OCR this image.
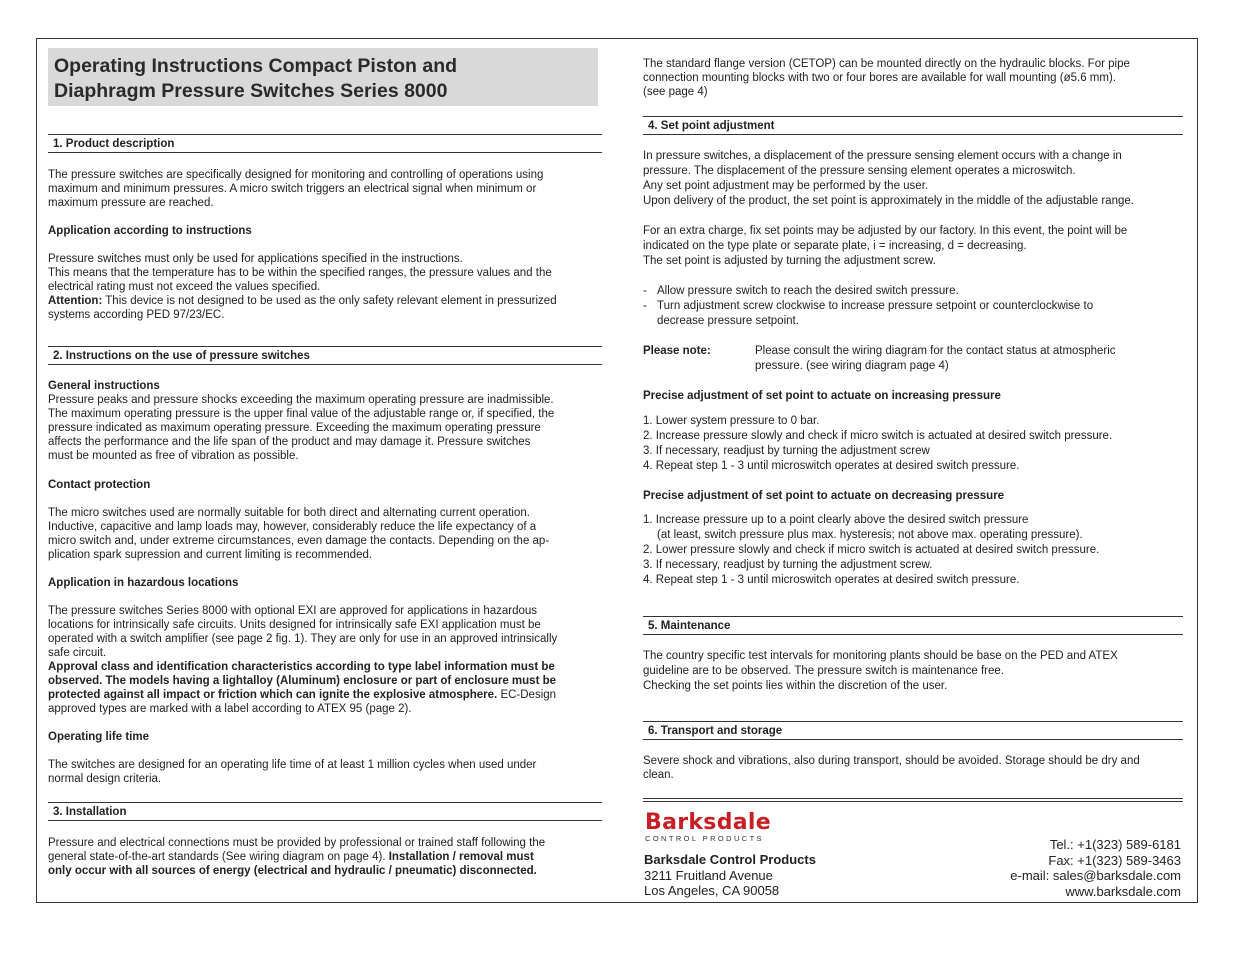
Operating Instructions Compact Piston and
Diaphragm Pressure Switches Series 8000
1. Product description

The pressure switches are specifically designed for monitoring and controlling of operations using

maximum and minimum pressures. A micro switch triggers an electrical signal when minimum or

maximum pressure are reached.

Application according to instructions

Pressure switches must only be used for applications specified in the instructions.

This means that the temperature has to be within the specified ranges, the pressure values and the

electrical rating must not exceed the values specified.

Attention: This device is not designed to be used as the only safety relevant element in pressurized

systems according PED 97/23/EC.

2. Instructions on the use of pressure switches

General instructions

Pressure peaks and pressure shocks exceeding the maximum operating pressure are inadmissible.

The maximum operating pressure is the upper final value of the adjustable range or, if specified, the

pressure indicated as maximum operating pressure. Exceeding the maximum operating pressure

affects the performance and the life span of the product and may damage it. Pressure switches

must be mounted as free of vibration as possible.

Contact protection

The micro switches used are normally suitable for both direct and alternating current operation.

Inductive, capacitive and lamp loads may, however, considerably reduce the life expectancy of a

micro switch and, under extreme circumstances, even damage the contacts. Depending on the ap-

plication spark supression and current limiting is recommended.

Application in hazardous locations

The pressure switches Series 8000 with optional EXI are approved for applications in hazardous

locations for intrinsically safe circuits. Units designed for intrinsically safe EXI application must be

operated with a switch amplifier (see page 2 fig. 1). They are only for use in an approved intrinsically

safe circuit.

Approval class and identification characteristics according to type label information must be

observed. The models having a lightalloy (Aluminum) enclosure or part of enclosure must be

protected against all impact or friction which can ignite the explosive atmosphere. EC-Design

approved types are marked with a label according to ATEX 95 (page 2).

Operating life time

The switches are designed for an operating life time of at least 1 million cycles when used under

normal design criteria.

3. Installation

Pressure and electrical connections must be provided by professional or trained staff following the

general state-of-the-art standards (See wiring diagram on page 4). Installation / removal must

only occur with all sources of energy (electrical and hydraulic / pneumatic) disconnected.

The standard flange version (CETOP) can be mounted directly on the hydraulic blocks. For pipe

connection mounting blocks with two or four bores are available for wall mounting (ø5.6 mm).

(see page 4)

4. Set point adjustment

In pressure switches, a displacement of the pressure sensing element occurs with a change in

pressure. The displacement of the pressure sensing element operates a microswitch.

Any set point adjustment may be performed by the user.

Upon delivery of the product, the set point is approximately in the middle of the adjustable range.

For an extra charge, fix set points may be adjusted by our factory. In this event, the point will be

indicated on the type plate or separate plate, i = increasing, d = decreasing.

The set point is adjusted by turning the adjustment screw.

- Allow pressure switch to reach the desired switch pressure.
- Turn adjustment screw clockwise to increase pressure setpoint or counterclockwise to
decrease pressure setpoint.
Please note:	Please consult the wiring diagram for the contact status at atmospheric
pressure. (see wiring diagram page 4)

Precise adjustment of set point to actuate on increasing pressure

1. Lower system pressure to 0 bar.

2. Increase pressure slowly and check if micro switch is actuated at desired switch pressure.

3. If necessary, readjust by turning the adjustment screw

4. Repeat step 1 - 3 until microswitch operates at desired switch pressure.

Precise adjustment of set point to actuate on decreasing pressure

1. Increase pressure up to a point clearly above the desired switch pressure

(at least, switch pressure plus max. hysteresis; not above max. operating pressure).

2. Lower pressure slowly and check if micro switch is actuated at desired switch pressure.

3. If necessary, readjust by turning the adjustment screw.

4. Repeat step 1 - 3 until microswitch operates at desired switch pressure.

5. Maintenance

The country specific test intervals for monitoring plants should be base on the PED and ATEX

guideline are to be observed. The pressure switch is maintenance free.

Checking the set points lies within the discretion of the user.

6. Transport and storage

Severe shock and vibrations, also during transport, should be avoided. Storage should be dry and

clean.

Barksdale
CONTROL PRODUCTS
Barksdale Control Products
3211 Fruitland Avenue
Los Angeles, CA 90058
Tel.: +1(323) 589-6181
Fax: +1(323) 589-3463
e-mail: sales@barksdale.com
www.barksdale.com
